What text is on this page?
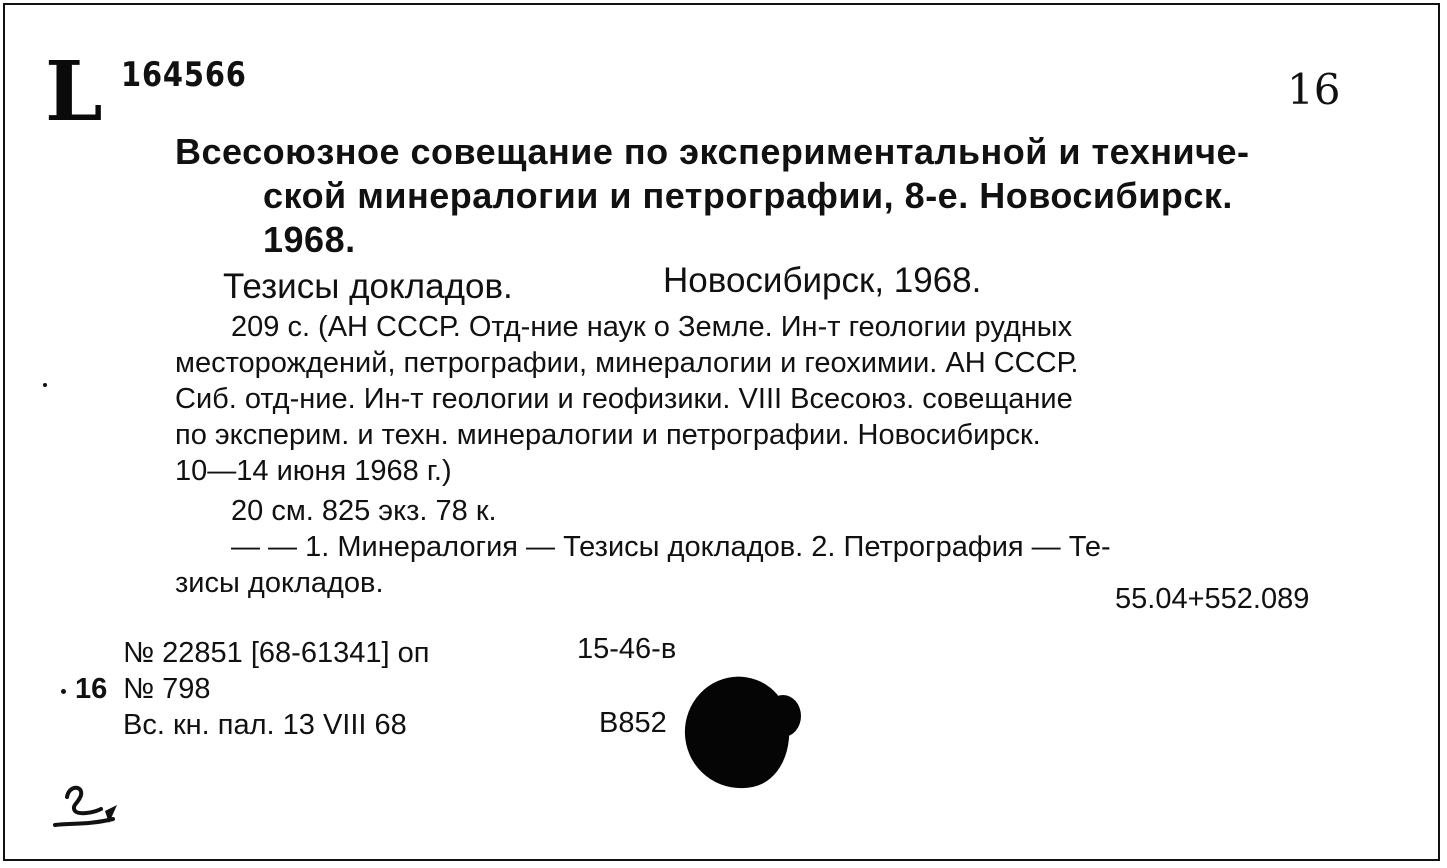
L 164566	16
Всесоюзное совещание по экспериментальной и техниче-
ской минералогии и петрографии, 8-е. Новосибирск.
1968.
Тезисы докладов.	Новосибирск, 1968.
209 с. (АН СССР. Отд-ние наук о Земле. Ин-т геологии рудных
месторождений, петрографии, минералогии и геохимии. АН СССР.
Сиб. отд-ние. Ин-т геологии и геофизики. VIII Всесоюз. совещание
по эксперим. и техн. минералогии и петрографии. Новосибирск.
10—14 июня 1968 г.)
20 см. 825 экз. 78 к.
— — 1. Минералогия — Тезисы докладов. 2. Петрография — Те-
зисы докладов.	55.04+552.089
№ 22851 [68-61341] оп	15-46-в
16 № 798
Вс. кн. пал. 13 VIII 68	В852
